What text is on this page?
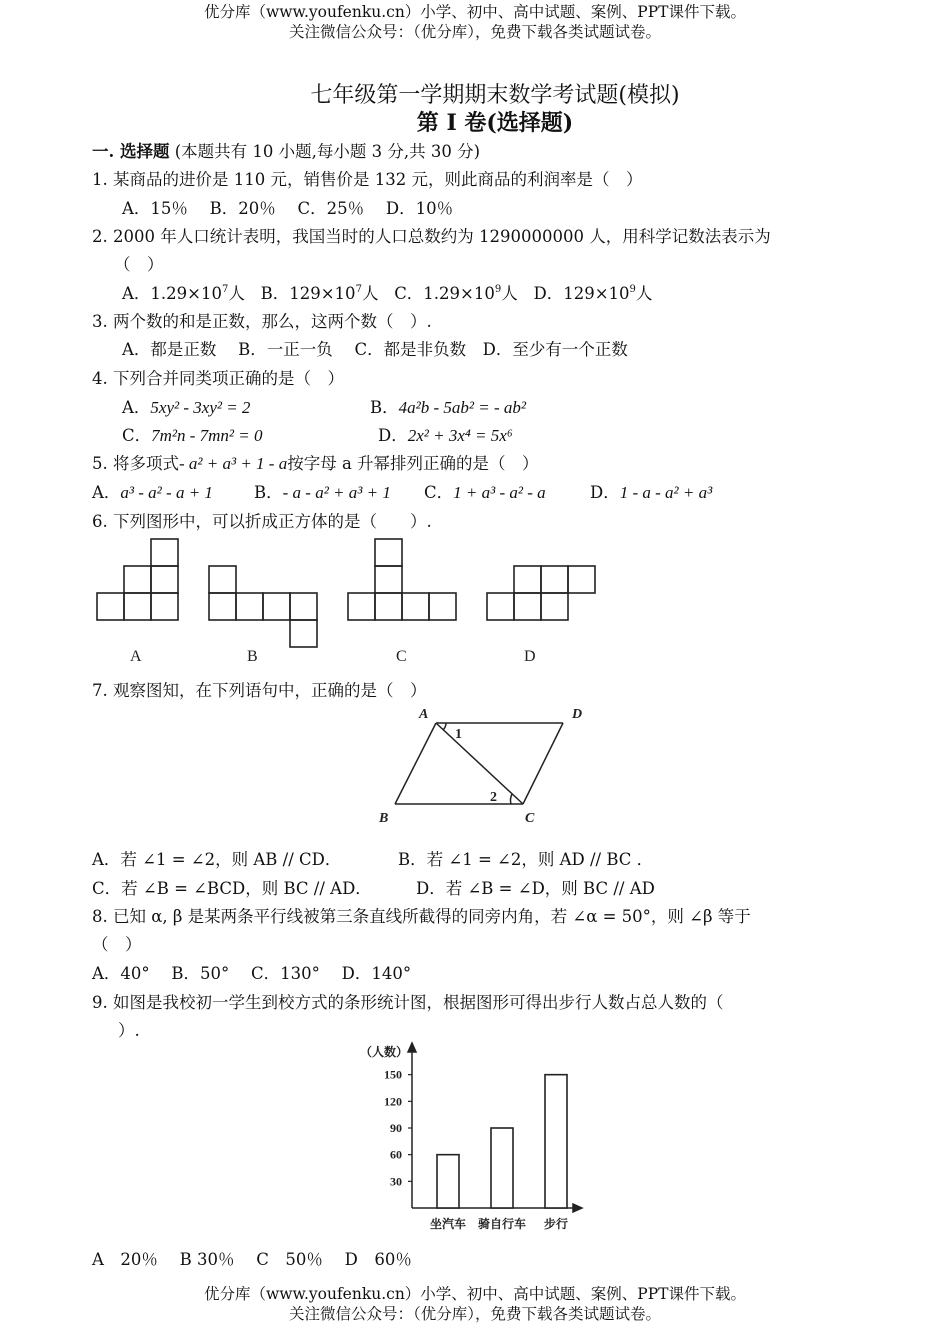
优分库（www.youfenku.cn）小学、初中、高中试题、案例、PPT课件下载。
关注微信公众号：（优分库），免费下载各类试题试卷。
七年级第一学期期末数学考试题(模拟)
第 I 卷(选择题)
一. 选择题 (本题共有 10 小题,每小题 3 分,共 30 分)
1. 某商品的进价是 110 元，销售价是 132 元，则此商品的利润率是（　）
A．15％　 B．20％　 C．25％　 D．10％
2. 2000 年人口统计表明，我国当时的人口总数约为 1290000000 人，用科学记数法表示为
（　）
A．$1.29\times 10^7$人 B．$129\times 10^7$人 C．$1.29\times 10^9$人 D．$129\times 10^9$人
3. 两个数的和是正数，那么，这两个数（　）.
A．都是正数　 B．一正一负　 C．都是非负数　D．至少有一个正数
4. 下列合并同类项正确的是（　）
A．5xy² - 3xy² = 2	B．4a²b - 5ab² = - ab²
C．7m²n - 7mn² = 0	D．2x² + 3x⁴ = 5x⁶
5. 将多项式- a² + a³ + 1 - a按字母 a 升幂排列正确的是（　）
A．a³ - a² - a + 1 B．- a - a² + a³ + 1 C．1 + a³ - a² - a	D．1 - a - a² + a³
6. 下列图形中，可以折成正方体的是（　　）.
A	B	C	D
7. 观察图知，在下列语句中，正确的是（　）
A	D
B	C
1
2
A．若 ∠1 = ∠2，则 AB // CD．	B．若 ∠1 = ∠2，则 AD // BC ．
C．若 ∠B = ∠BCD，则 BC // AD．	D．若 ∠B = ∠D，则 BC // AD
8. 已知 α, β 是某两条平行线被第三条直线所截得的同旁内角，若 ∠α = 50°，则 ∠β 等于
（　）
A．40°　 B．50°　 C．130°　 D．140°
9. 如图是我校初一学生到校方式的条形统计图，根据图形可得出步行人数占总人数的（
）.
（人数）
30
60
90
120
150
坐汽车 骑自行车 步行
A　20％　 B 30％　 C　50％　 D　60％
优分库（www.youfenku.cn）小学、初中、高中试题、案例、PPT课件下载。
关注微信公众号：（优分库），免费下载各类试题试卷。
